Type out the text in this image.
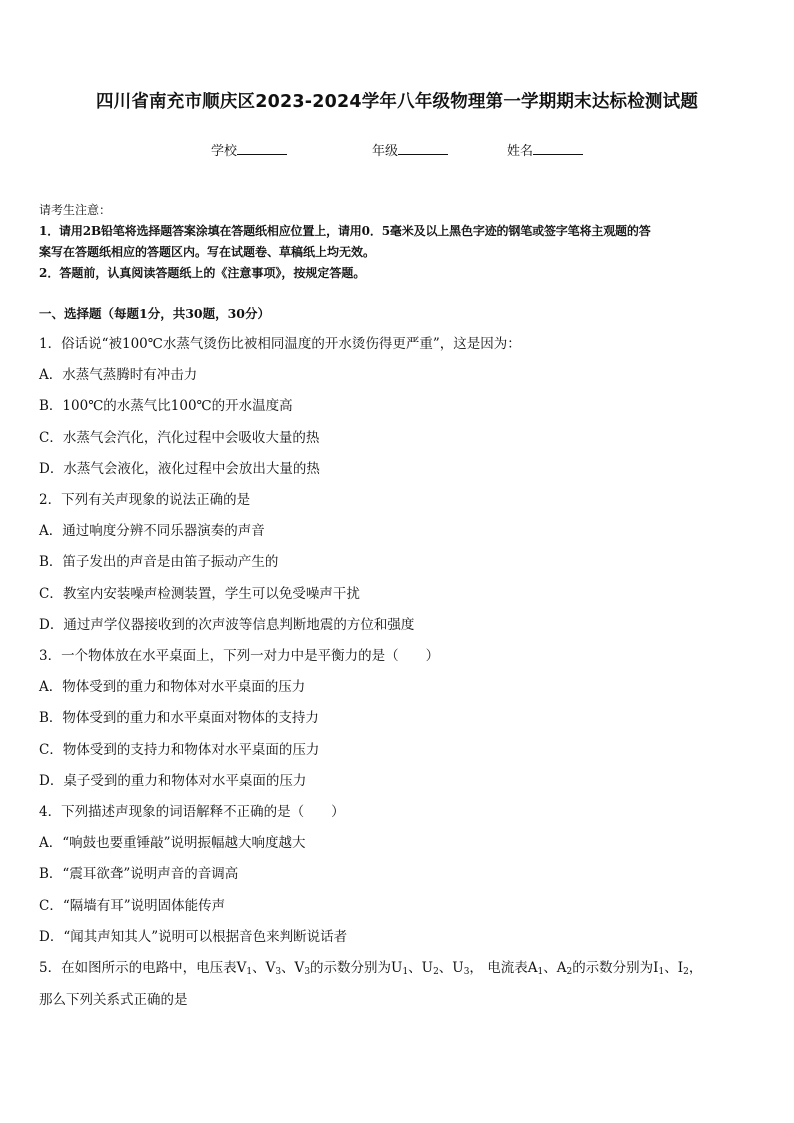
四川省南充市顺庆区2023-2024学年八年级物理第一学期期末达标检测试题
学校	年级	姓名
请考生注意：

1．请用2B铅笔将选择题答案涂填在答题纸相应位置上，请用0．5毫米及以上黑色字迹的钢笔或签字笔将主观题的答

案写在答题纸相应的答题区内。写在试题卷、草稿纸上均无效。

2．答题前，认真阅读答题纸上的《注意事项》，按规定答题。

一、选择题（每题1分，共30题，30分）
1．俗话说“被100℃水蒸气烫伤比被相同温度的开水烫伤得更严重”，这是因为：
A．水蒸气蒸腾时有冲击力
B．100℃的水蒸气比100℃的开水温度高
C．水蒸气会汽化，汽化过程中会吸收大量的热
D．水蒸气会液化，液化过程中会放出大量的热
2．下列有关声现象的说法正确的是
A．通过响度分辨不同乐器演奏的声音
B．笛子发出的声音是由笛子振动产生的
C．教室内安装噪声检测装置，学生可以免受噪声干扰
D．通过声学仪器接收到的次声波等信息判断地震的方位和强度
3．一个物体放在水平桌面上，下列一对力中是平衡力的是（　　）
A．物体受到的重力和物体对水平桌面的压力
B．物体受到的重力和水平桌面对物体的支持力
C．物体受到的支持力和物体对水平桌面的压力
D．桌子受到的重力和物体对水平桌面的压力
4．下列描述声现象的词语解释不正确的是（　　）
A．“响鼓也要重锤敲”说明振幅越大响度越大
B．“震耳欲聋”说明声音的音调高
C．“隔墙有耳”说明固体能传声
D．“闻其声知其人”说明可以根据音色来判断说话者
5．在如图所示的电路中，电压表$V_1$、$V_3$、$V_3$的示数分别为$U_1$、$U_2$、$U_3$， 电流表$A_1$、$A_2$的示数分别为$I_1$、$I_2$，
那么下列关系式正确的是
